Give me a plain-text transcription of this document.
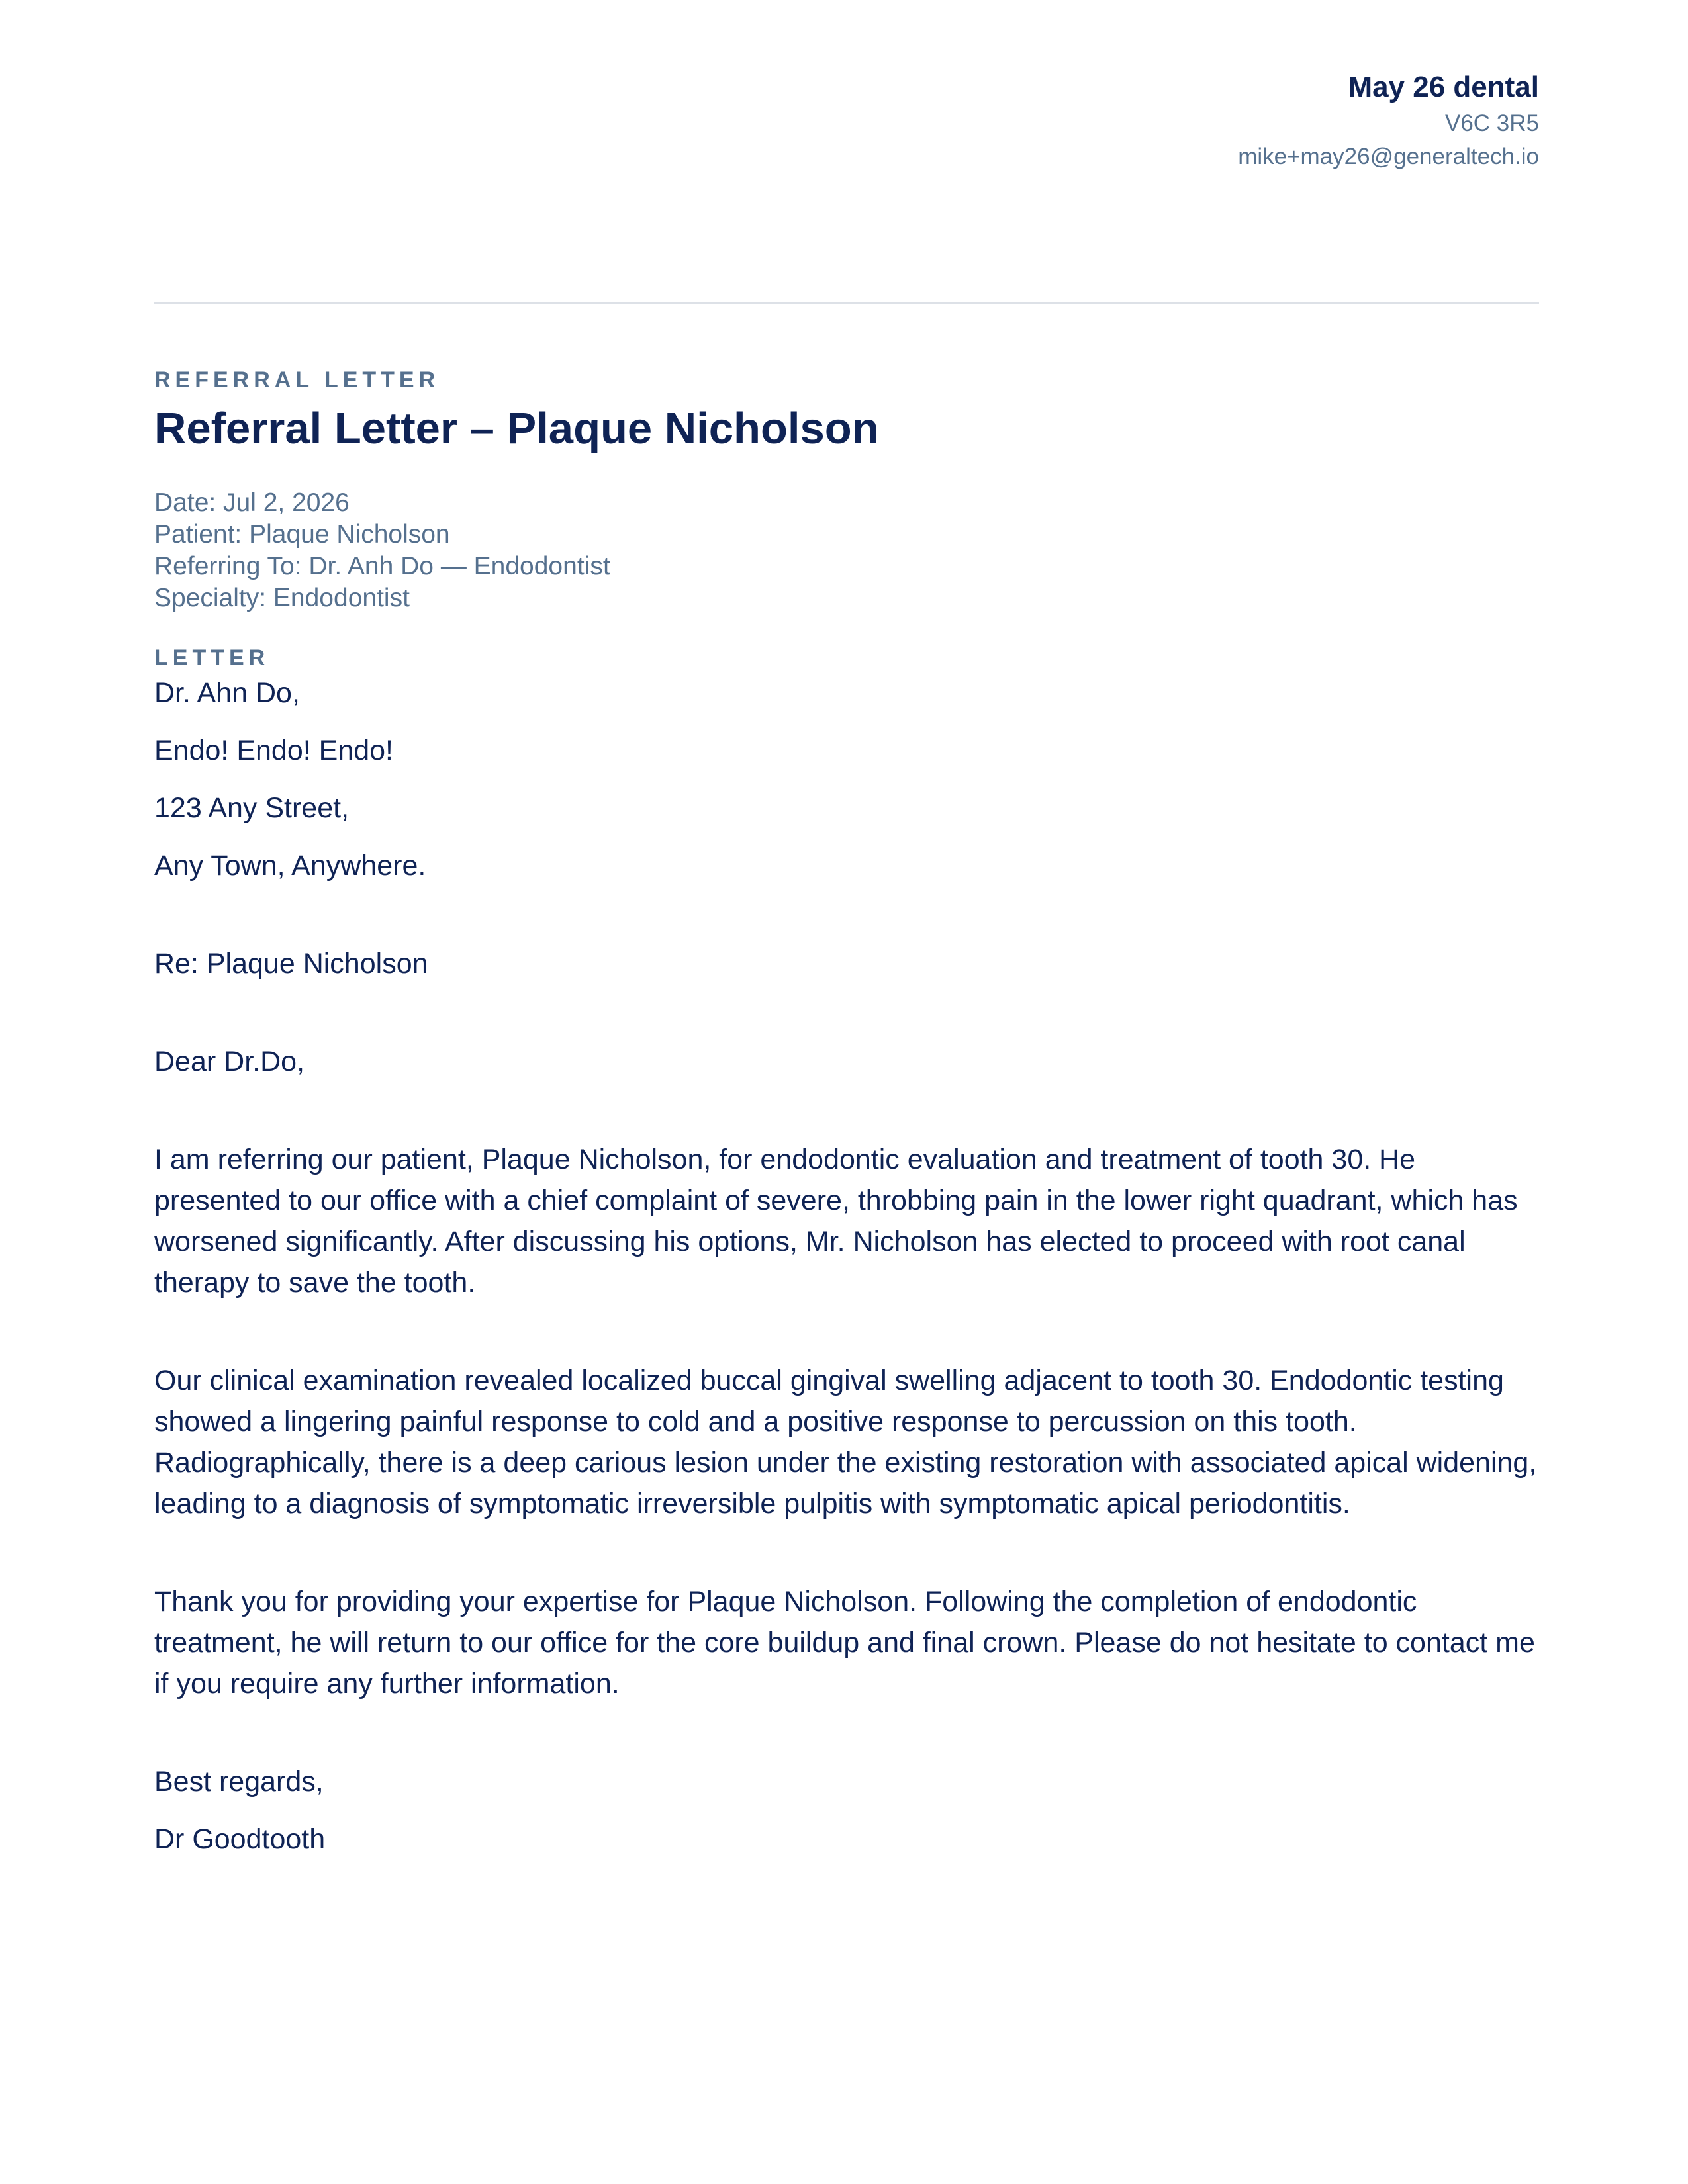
May 26 dental
V6C 3R5
mike+may26@generaltech.io
REFERRAL LETTER
Referral Letter – Plaque Nicholson
Date: Jul 2, 2026
Patient: Plaque Nicholson
Referring To: Dr. Anh Do — Endodontist
Specialty: Endodontist
LETTER

Dr. Ahn Do,

Endo! Endo! Endo!

123 Any Street,

Any Town, Anywhere.

Re: Plaque Nicholson

Dear Dr.Do,

I am referring our patient, Plaque Nicholson, for endodontic evaluation and treatment of tooth 30. He presented to our office with a chief complaint of severe, throbbing pain in the lower right quadrant, which has worsened significantly. After discussing his options, Mr. Nicholson has elected to proceed with root canal therapy to save the tooth.

Our clinical examination revealed localized buccal gingival swelling adjacent to tooth 30. Endodontic testing showed a lingering painful response to cold and a positive response to percussion on this tooth. Radiographically, there is a deep carious lesion under the existing restoration with associated apical widening, leading to a diagnosis of symptomatic irreversible pulpitis with symptomatic apical periodontitis.

Thank you for providing your expertise for Plaque Nicholson. Following the completion of endodontic treatment, he will return to our office for the core buildup and final crown. Please do not hesitate to contact me if you require any further information.

Best regards,

Dr Goodtooth
